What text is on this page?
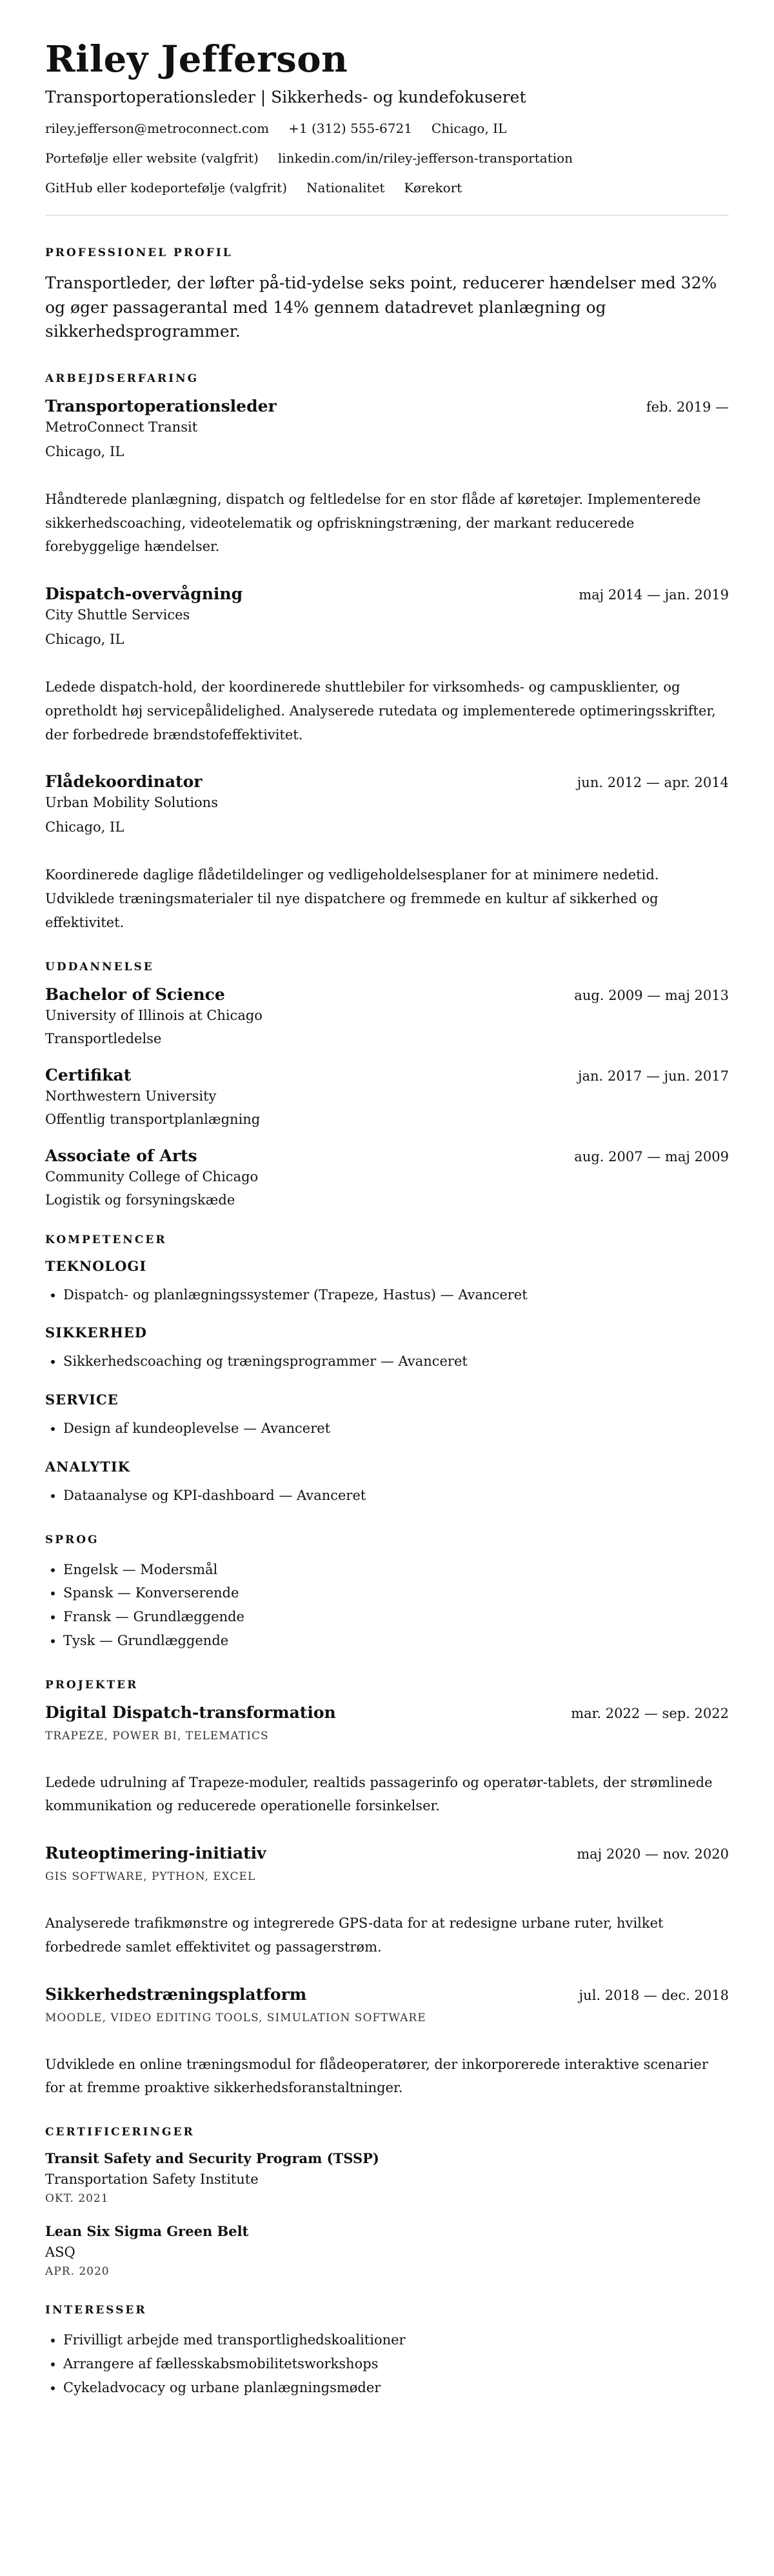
Riley Jefferson
Transportoperationsleder | Sikkerheds- og kundefokuseret
riley.jefferson@metroconnect.com +1 (312) 555-6721 Chicago, IL
Portefølje eller website (valgfrit) linkedin.com/in/riley-jefferson-transportation
GitHub eller kodeportefølje (valgfrit) Nationalitet Kørekort
PROFESSIONEL PROFIL
Transportleder, der løfter på-tid-ydelse seks point, reducerer hændelser med 32% og øger passagerantal med 14% gennem datadrevet planlægning og sikkerhedsprogrammer.
ARBEJDSERFARING
Transportoperationsleder	feb. 2019 —
MetroConnect Transit
Chicago, IL
Håndterede planlægning, dispatch og feltledelse for en stor flåde af køretøjer. Implementerede sikkerhedscoaching, videotelematik og opfriskningstræning, der markant reducerede forebyggelige hændelser.
Dispatch-overvågning	maj 2014 — jan. 2019
City Shuttle Services
Chicago, IL
Ledede dispatch-hold, der koordinerede shuttlebiler for virksomheds- og campusklienter, og opretholdt høj servicepålidelighed. Analyserede rutedata og implementerede optimeringsskrifter, der forbedrede brændstofeffektivitet.
Flådekoordinator	jun. 2012 — apr. 2014
Urban Mobility Solutions
Chicago, IL
Koordinerede daglige flådetildelinger og vedligeholdelsesplaner for at minimere nedetid. Udviklede træningsmaterialer til nye dispatchere og fremmede en kultur af sikkerhed og effektivitet.
UDDANNELSE
Bachelor of Science	aug. 2009 — maj 2013
University of Illinois at Chicago
Transportledelse
Certifikat	jan. 2017 — jun. 2017
Northwestern University
Offentlig transportplanlægning
Associate of Arts	aug. 2007 — maj 2009
Community College of Chicago
Logistik og forsyningskæde
KOMPETENCER
TEKNOLOGI
• Dispatch- og planlægningssystemer (Trapeze, Hastus) — Avanceret
SIKKERHED
• Sikkerhedscoaching og træningsprogrammer — Avanceret
SERVICE
• Design af kundeoplevelse — Avanceret
ANALYTIK
• Dataanalyse og KPI-dashboard — Avanceret
SPROG
• Engelsk — Modersmål
• Spansk — Konverserende
• Fransk — Grundlæggende
• Tysk — Grundlæggende
PROJEKTER
Digital Dispatch-transformation	mar. 2022 — sep. 2022
TRAPEZE, POWER BI, TELEMATICS
Ledede udrulning af Trapeze-moduler, realtids passagerinfo og operatør-tablets, der strømlinede kommunikation og reducerede operationelle forsinkelser.
Ruteoptimering-initiativ	maj 2020 — nov. 2020
GIS SOFTWARE, PYTHON, EXCEL
Analyserede trafikmønstre og integrerede GPS-data for at redesigne urbane ruter, hvilket forbedrede samlet effektivitet og passagerstrøm.
Sikkerhedstræningsplatform	jul. 2018 — dec. 2018
MOODLE, VIDEO EDITING TOOLS, SIMULATION SOFTWARE
Udviklede en online træningsmodul for flådeoperatører, der inkorporerede interaktive scenarier for at fremme proaktive sikkerhedsforanstaltninger.
CERTIFICERINGER
Transit Safety and Security Program (TSSP)
Transportation Safety Institute
OKT. 2021
Lean Six Sigma Green Belt
ASQ
APR. 2020
INTERESSER
• Frivilligt arbejde med transportlighedskoalitioner
• Arrangere af fællesskabsmobilitetsworkshops
• Cykeladvocacy og urbane planlægningsmøder
